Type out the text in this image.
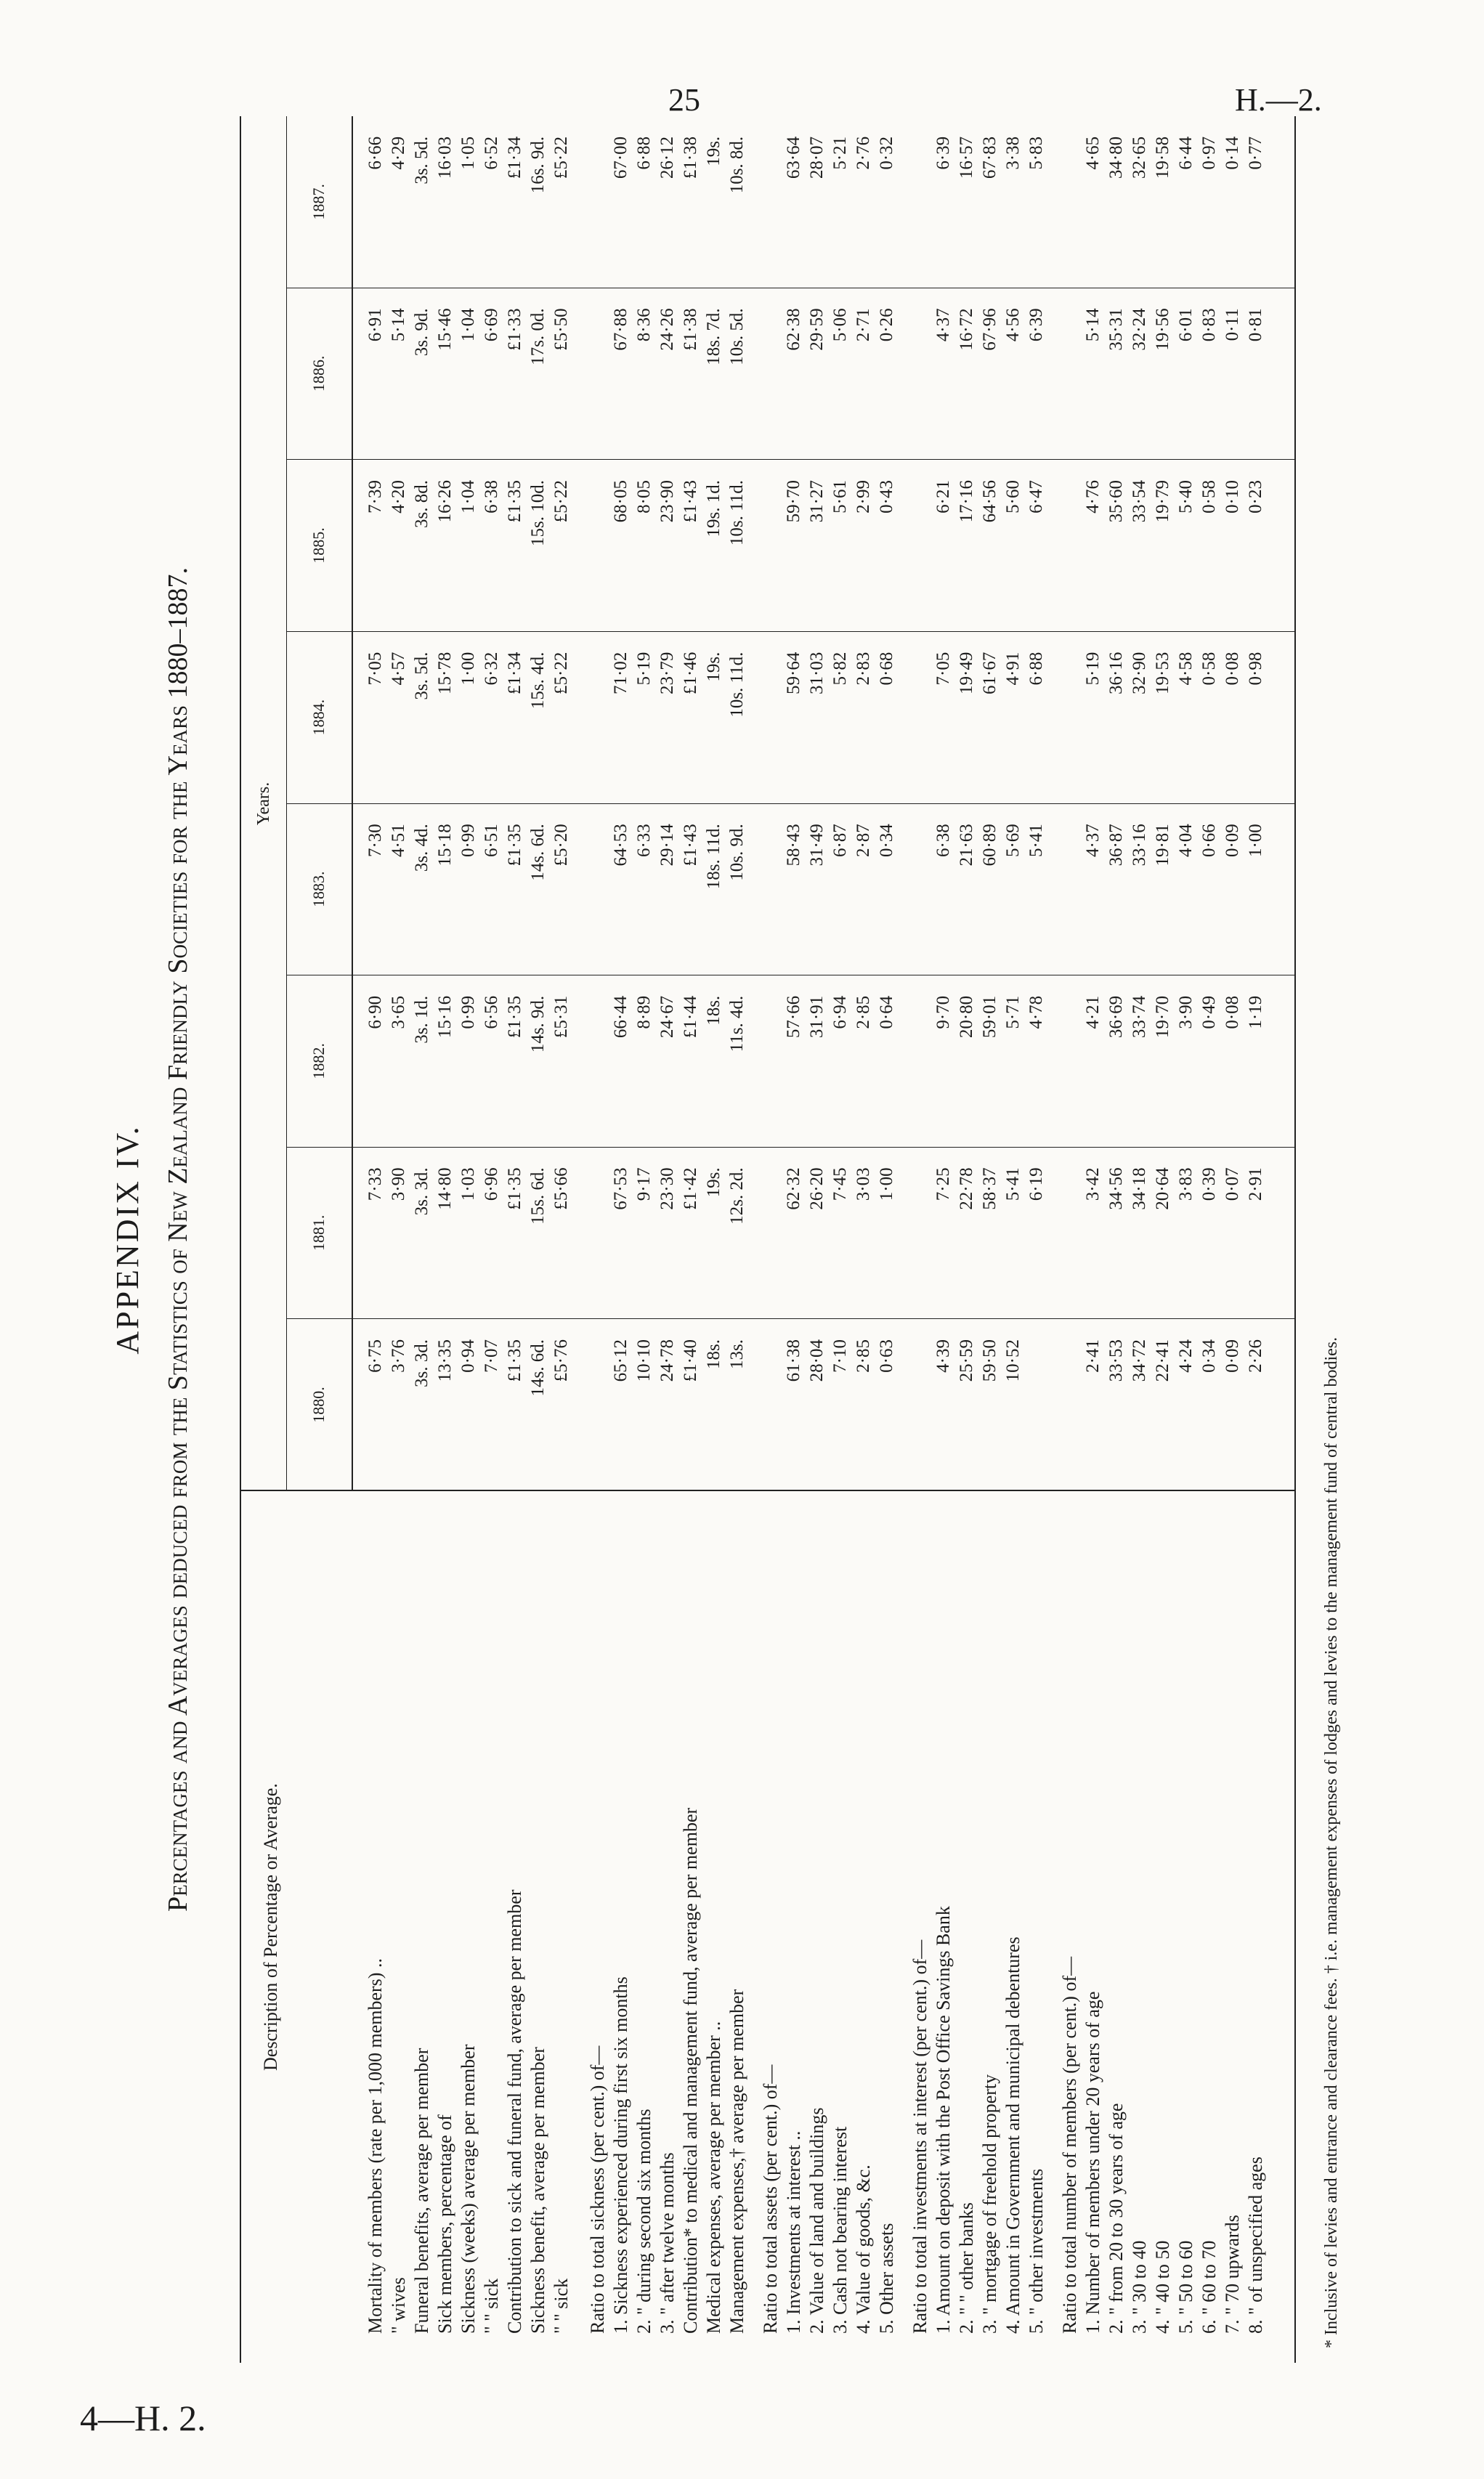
25	H.—2.
4—H. 2.
APPENDIX IV. Percentages and Averages deduced from the Statistics of New Zealand Friendly Societies for the Years 1880–1887.
Description of Percentage or Average.
Mortality of members (rate per 1,000 members) .. " wives Funeral benefits, average per member Sick members, percentage of Sickness (weeks) average per member " " sick Contribution to sick and funeral fund, average per member Sickness benefit, average per member " " sick Ratio to total sickness (per cent.) of— 1. Sickness experienced during first six months 2. " during second six months 3. " after twelve months Contribution* to medical and management fund, average per member Medical expenses, average per member .. Management expenses,† average per member Ratio to total assets (per cent.) of— 1. Investments at interest .. 2. Value of land and buildings 3. Cash not bearing interest 4. Value of goods, &c. 5. Other assets Ratio to total investments at interest (per cent.) of— 1. Amount on deposit with the Post Office Savings Bank 2. " " other banks 3. " mortgage of freehold property 4. Amount in Government and municipal debentures 5. " other investments Ratio to total number of members (per cent.) of— 1. Number of members under 20 years of age 2. " from 20 to 30 years of age 3. " 30 to 40 4. " 40 to 50 5. " 50 to 60 6. " 60 to 70 7. " 70 upwards 8. " of unspecified ages
Years.
1880.
6·75 3·76 3s. 3d. 13·35 0·94 7·07 £1·35 14s. 6d. £5·76 65·12 10·10 24·78 £1·40 18s. 13s. 61·38 28·04 7·10 2·85 0·63 4·39 25·59 59·50 10·52	2·41 33·53 34·72 22·41 4·24 0·34 0·09 2·26
1881.
7·33 3·90 3s. 3d. 14·80 1·03 6·96 £1·35 15s. 6d. £5·66 67·53 9·17 23·30 £1·42 19s. 12s. 2d. 62·32 26·20 7·45 3·03 1·00 7·25 22·78 58·37 5·41 6·19 3·42 34·56 34·18 20·64 3·83 0·39 0·07 2·91
1882.
6·90 3·65 3s. 1d. 15·16 0·99 6·56 £1·35 14s. 9d. £5·31 66·44 8·89 24·67 £1·44 18s. 11s. 4d. 57·66 31·91 6·94 2·85 0·64 9·70 20·80 59·01 5·71 4·78 4·21 36·69 33·74 19·70 3·90 0·49 0·08 1·19
1883.
7·30 4·51 3s. 4d. 15·18 0·99 6·51 £1·35 14s. 6d. £5·20 64·53 6·33 29·14 £1·43 18s. 11d. 10s. 9d. 58·43 31·49 6·87 2·87 0·34 6·38 21·63 60·89 5·69 5·41 4·37 36·87 33·16 19·81 4·04 0·66 0·09 1·00
1884.
7·05 4·57 3s. 5d. 15·78 1·00 6·32 £1·34 15s. 4d. £5·22 71·02 5·19 23·79 £1·46 19s. 10s. 11d. 59·64 31·03 5·82 2·83 0·68 7·05 19·49 61·67 4·91 6·88 5·19 36·16 32·90 19·53 4·58 0·58 0·08 0·98
1885.
7·39 4·20 3s. 8d. 16·26 1·04 6·38 £1·35 15s. 10d. £5·22 68·05 8·05 23·90 £1·43 19s. 1d. 10s. 11d. 59·70 31·27 5·61 2·99 0·43 6·21 17·16 64·56 5·60 6·47 4·76 35·60 33·54 19·79 5·40 0·58 0·10 0·23
1886.
6·91 5·14 3s. 9d. 15·46 1·04 6·69 £1·33 17s. 0d. £5·50 67·88 8·36 24·26 £1·38 18s. 7d. 10s. 5d. 62·38 29·59 5·06 2·71 0·26 4·37 16·72 67·96 4·56 6·39 5·14 35·31 32·24 19·56 6·01 0·83 0·11 0·81
1887.
6·66 4·29 3s. 5d. 16·03 1·05 6·52 £1·34 16s. 9d. £5·22 67·00 6·88 26·12 £1·38 19s. 10s. 8d. 63·64 28·07 5·21 2·76 0·32 6·39 16·57 67·83 3·38 5·83 4·65 34·80 32·65 19·58 6·44 0·97 0·14 0·77
* Inclusive of levies and entrance and clearance fees. † i.e. management expenses of lodges and levies to the management fund of central bodies.
